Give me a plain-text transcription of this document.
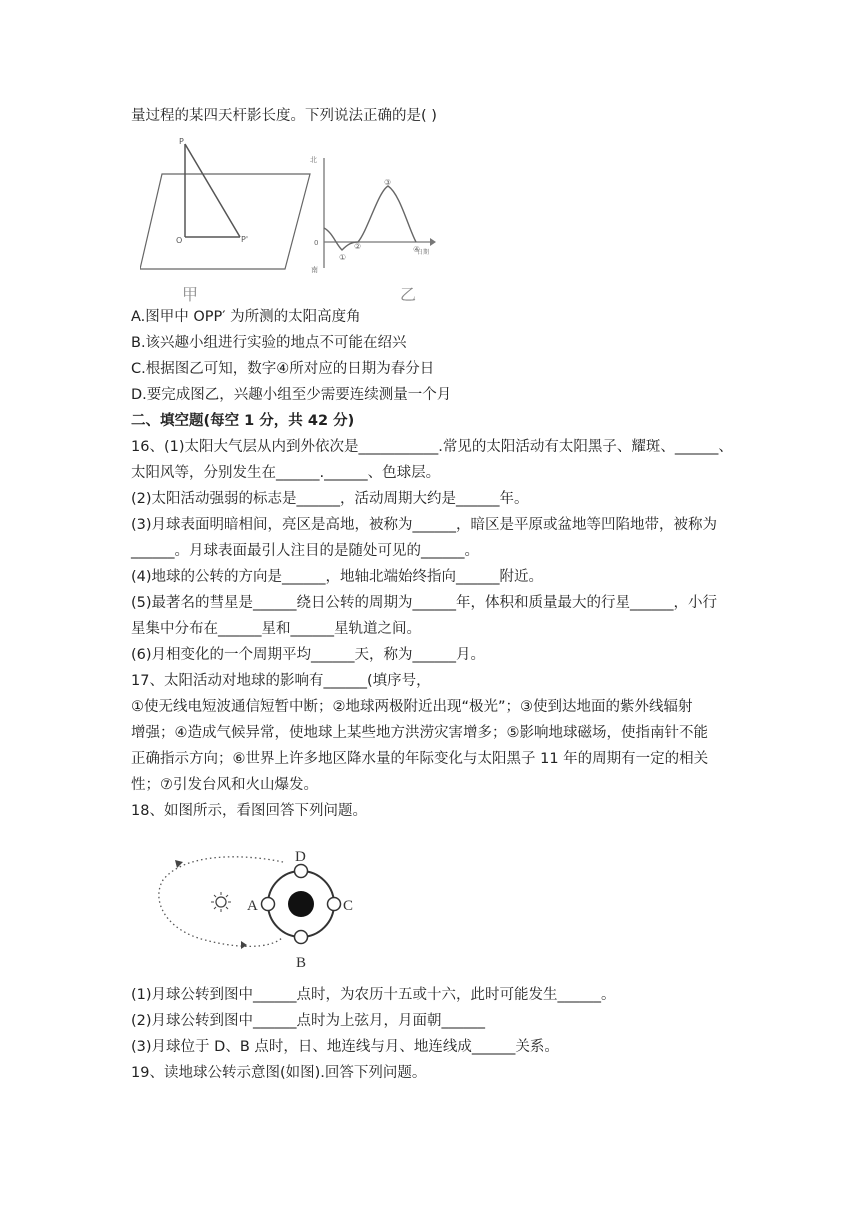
量过程的某四天杆影长度。下列说法正确的是( )
P
O	P'
甲
北
南
0
日期
①
②
③
④
乙
A.图甲中 OPP′ 为所测的太阳高度角
B.该兴趣小组进行实验的地点不可能在绍兴
C.根据图乙可知，数字④所对应的日期为春分日
D.要完成图乙，兴趣小组至少需要连续测量一个月
二、填空题(每空 1 分，共 42 分)
16、(1)太阳大气层从内到外依次是___________.常见的太阳活动有太阳黑子、耀斑、______、
太阳风等，分别发生在______.______、色球层。
(2)太阳活动强弱的标志是______，活动周期大约是______年。
(3)月球表面明暗相间，亮区是高地，被称为______，暗区是平原或盆地等凹陷地带，被称为
______。月球表面最引人注目的是随处可见的______。
(4)地球的公转的方向是______，地轴北端始终指向______附近。
(5)最著名的彗星是______绕日公转的周期为______年，体积和质量最大的行星______，小行
星集中分布在______星和______星轨道之间。
(6)月相变化的一个周期平均______天，称为______月。
17、太阳活动对地球的影响有______(填序号，
①使无线电短波通信短暂中断；②地球两极附近出现“极光”；③使到达地面的紫外线辐射
增强；④造成气候异常，使地球上某些地方洪涝灾害增多；⑤影响地球磁场，使指南针不能
正确指示方向；⑥世界上许多地区降水量的年际变化与太阳黑子 11 年的周期有一定的相关
性；⑦引发台风和火山爆发。
18、如图所示，看图回答下列问题。
A
B
C
D
(1)月球公转到图中______点时，为农历十五或十六，此时可能发生______。
(2)月球公转到图中______点时为上弦月，月面朝______
(3)月球位于 D、B 点时，日、地连线与月、地连线成______关系。
19、读地球公转示意图(如图).回答下列问题。
